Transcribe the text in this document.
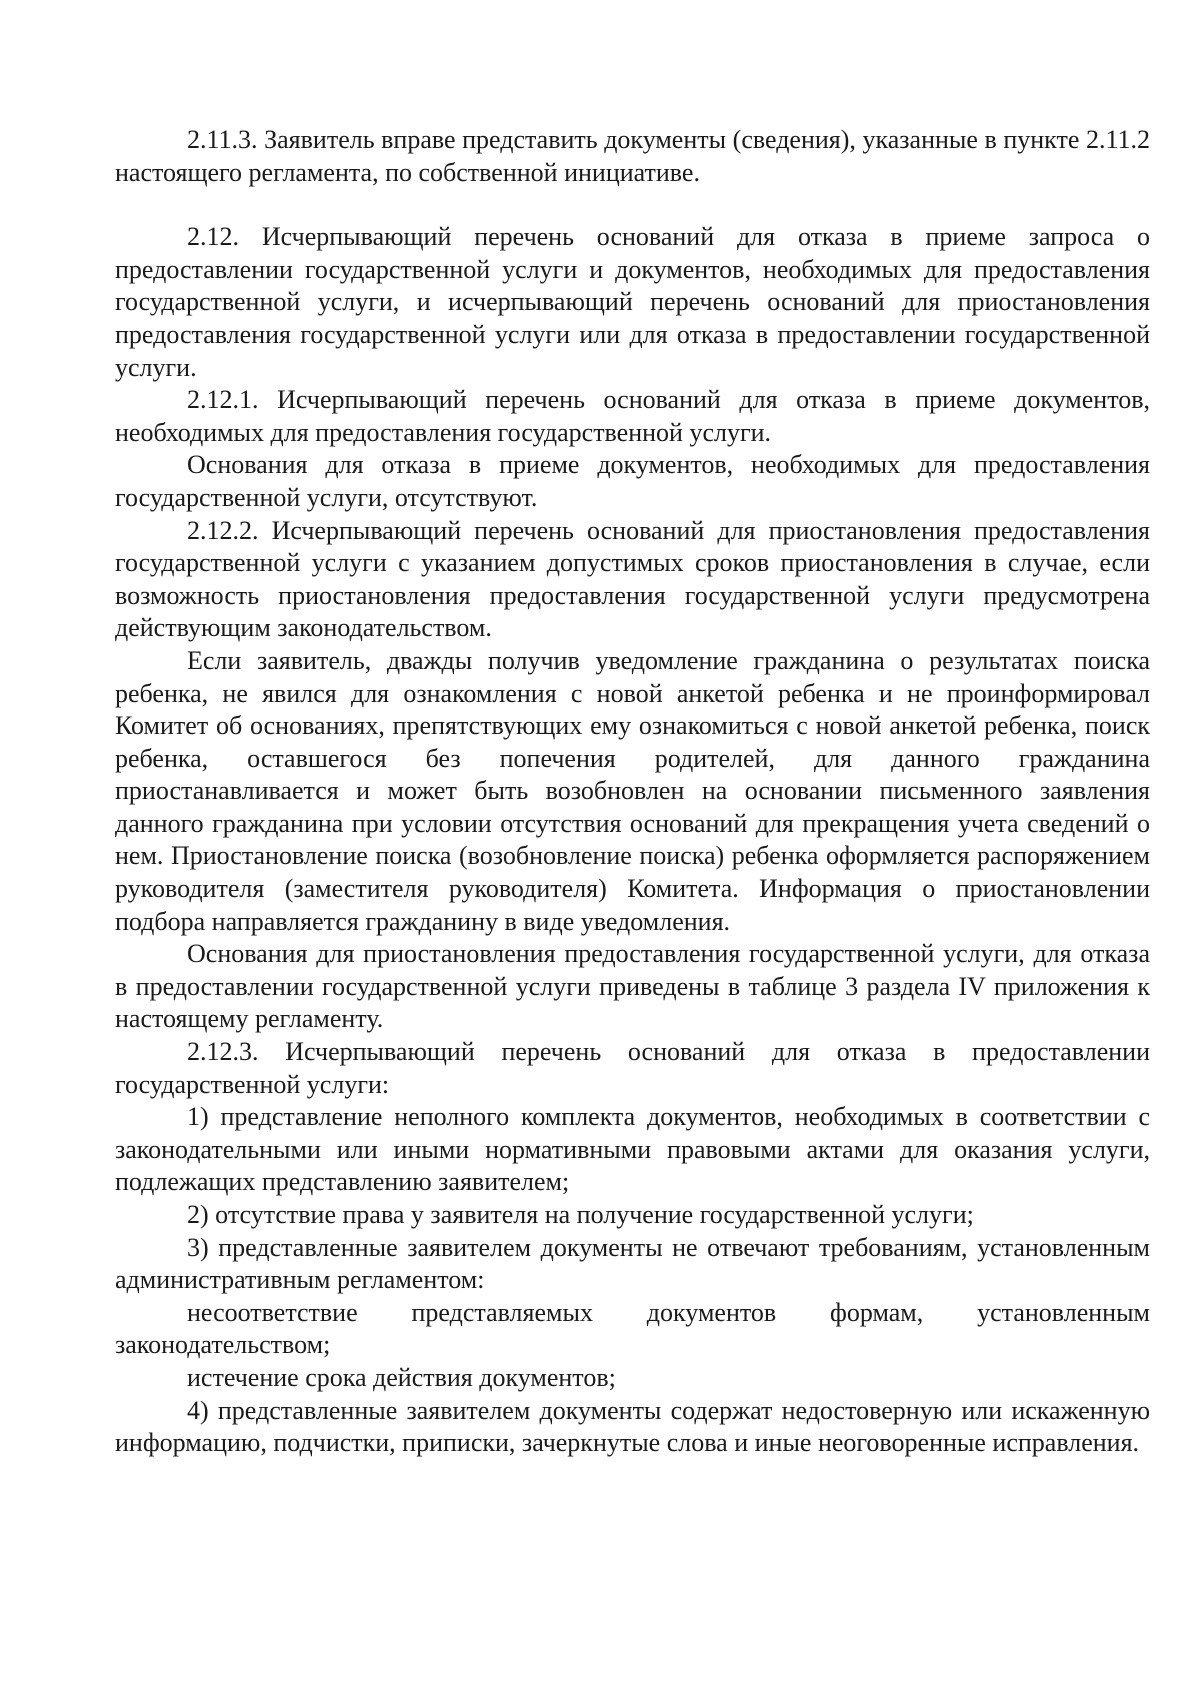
2.11.3. Заявитель вправе представить документы (сведения), указанные в пункте 2.11.2 настоящего регламента, по собственной инициативе.

2.12. Исчерпывающий перечень оснований для отказа в приеме запроса о предоставлении государственной услуги и документов, необходимых для предоставления государственной услуги, и исчерпывающий перечень оснований для приостановления предоставления государственной услуги или для отказа в предоставлении государственной услуги.

2.12.1. Исчерпывающий перечень оснований для отказа в приеме документов, необходимых для предоставления государственной услуги.

Основания для отказа в приеме документов, необходимых для предоставления государственной услуги, отсутствуют.

2.12.2. Исчерпывающий перечень оснований для приостановления предоставления государственной услуги с указанием допустимых сроков приостановления в случае, если возможность приостановления предоставления государственной услуги предусмотрена действующим законодательством.

Если заявитель, дважды получив уведомление гражданина о результатах поиска ребенка, не явился для ознакомления с новой анкетой ребенка и не проинформировал Комитет об основаниях, препятствующих ему ознакомиться с новой анкетой ребенка, поиск ребенка, оставшегося без попечения родителей, для данного гражданина приостанавливается и может быть возобновлен на основании письменного заявления данного гражданина при условии отсутствия оснований для прекращения учета сведений о нем. Приостановление поиска (возобновление поиска) ребенка оформляется распоряжением руководителя (заместителя руководителя) Комитета. Информация о приостановлении подбора направляется гражданину в виде уведомления.

Основания для приостановления предоставления государственной услуги, для отказа в предоставлении государственной услуги приведены в таблице 3 раздела IV приложения к настоящему регламенту.

2.12.3. Исчерпывающий перечень оснований для отказа в предоставлении государственной услуги:

1) представление неполного комплекта документов, необходимых в соответствии с законодательными или иными нормативными правовыми актами для оказания услуги, подлежащих представлению заявителем;

2) отсутствие права у заявителя на получение государственной услуги;

3) представленные заявителем документы не отвечают требованиям, установленным административным регламентом:

несоответствие представляемых документов формам, установленным законодательством;

истечение срока действия документов;

4) представленные заявителем документы содержат недостоверную или искаженную информацию, подчистки, приписки, зачеркнутые слова и иные неоговоренные исправления.
